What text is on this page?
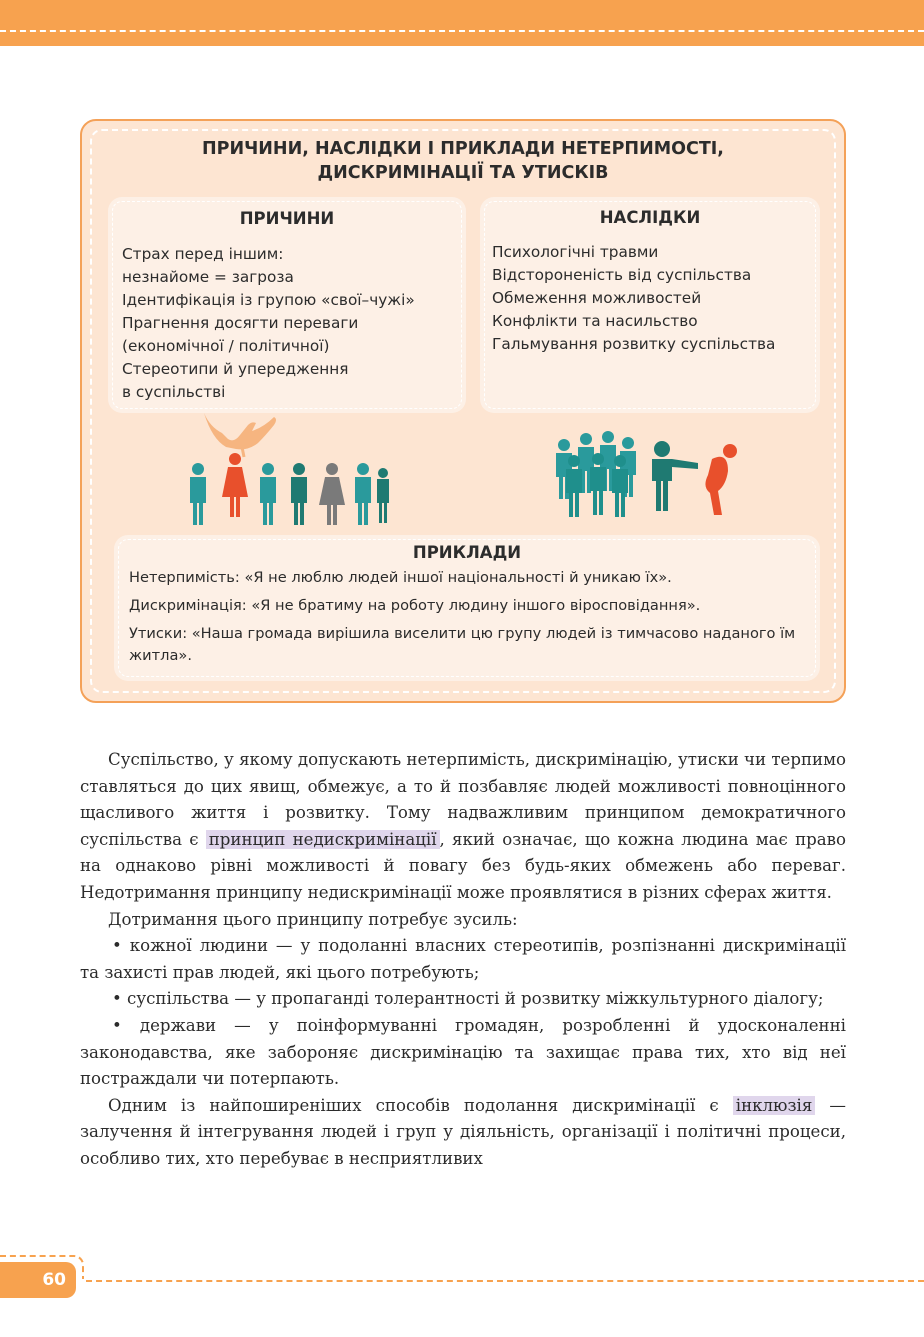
ПРИЧИНИ, НАСЛІДКИ І ПРИКЛАДИ НЕТЕРПИМОСТІ,
ДИСКРИМІНАЦІЇ ТА УТИСКІВ
ПРИЧИНИ
Страх перед іншим:
незнайоме = загроза
Ідентифікація із групою «свої–чужі»
Прагнення досягти переваги
(економічної / політичної)
Стереотипи й упередження
в суспільстві
НАСЛІДКИ
Психологічні травми
Відстороненість від суспільства
Обмеження можливостей
Конфлікти та насильство
Гальмування розвитку суспільства
ПРИКЛАДИ
Нетерпимість: «Я не люблю людей іншої національності й уникаю їх».
Дискримінація: «Я не братиму на роботу людину іншого віросповідання».
Утиски: «Наша громада вирішила виселити цю групу людей із тимчасово наданого їм житла».

Суспільство, у якому допускають нетерпимість, дискримінацію, утиски чи терпимо ставляться до цих явищ, обмежує, а то й позбавляє людей можливості повноцінного щасливого життя і розвитку. Тому надважливим принципом демократичного суспільства є принцип недискримінації , який означає, що кожна людина має право на однаково рівні можливості й повагу без будь-яких обмежень або переваг. Недотримання принципу недискримінації може проявлятися в різних сферах життя.

Дотримання цього принципу потребує зусиль:

• кожної людини — у подоланні власних стереотипів, розпізнанні дискримінації та захисті прав людей, які цього потребують;

• суспільства — у пропаганді толерантності й розвитку міжкультурного діалогу;

• держави — у поінформуванні громадян, розробленні й удосконаленні законодавства, яке забороняє дискримінацію та захищає права тих, хто від неї постраждали чи потерпають.

Одним із найпоширеніших способів подолання дискримінації є інклюзія — залучення й інтегрування людей і груп у діяльність, організації і політичні процеси, особливо тих, хто перебуває в несприятливих

60
